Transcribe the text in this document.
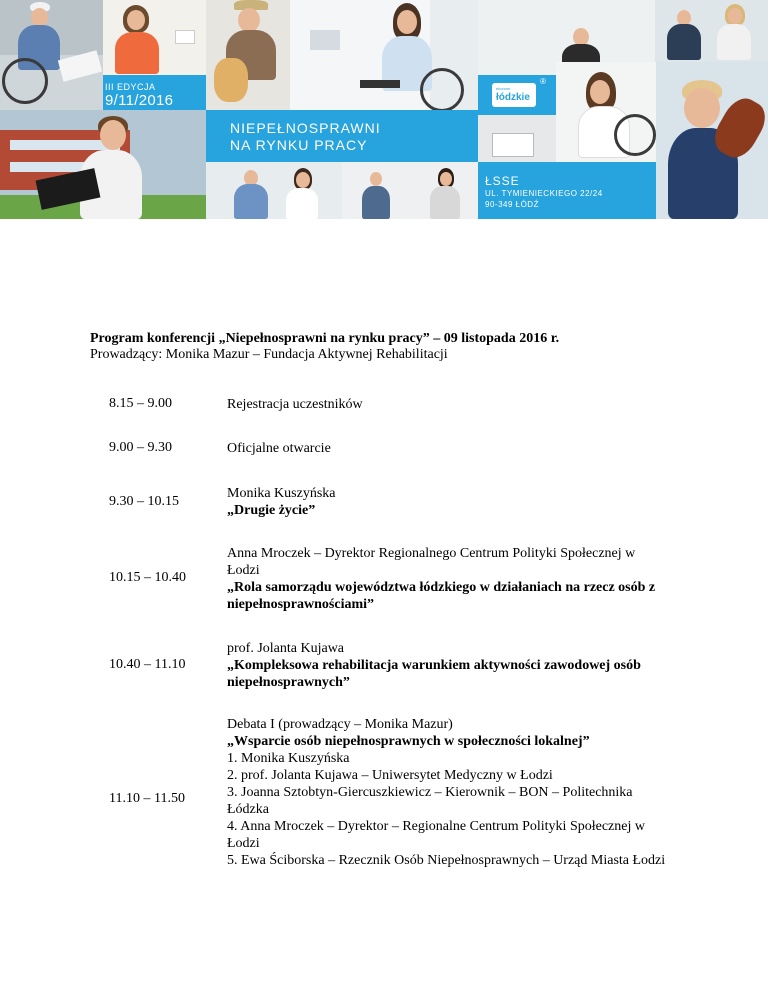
ekonom
łódzkie
®
III EDYCJA
9/11/2016
NIEPEŁNOSPRAWNI
NA RYNKU PRACY
ŁSSE
UL. TYMIENIECKIEGO 22/24
90-349 ŁÓDŹ
Program konferencji „Niepełnosprawni na rynku pracy” – 09 listopada 2016 r.
Prowadzący: Monika Mazur – Fundacja Aktywnej Rehabilitacji
8.15 – 9.00	Rejestracja uczestników
9.00 – 9.30	Oficjalne otwarcie
9.30 – 10.15
Monika Kuszyńska
„Drugie życie”
10.15 – 10.40
Anna Mroczek – Dyrektor Regionalnego Centrum Polityki Społecznej w Łodzi
„Rola samorządu województwa łódzkiego w działaniach na rzecz osób z niepełnosprawnościami”
10.40 – 11.10
prof. Jolanta Kujawa
„Kompleksowa rehabilitacja warunkiem aktywności zawodowej osób niepełnosprawnych”
11.10 – 11.50
Debata I (prowadzący – Monika Mazur)
„Wsparcie osób niepełnosprawnych w społeczności lokalnej”
1. Monika Kuszyńska
2. prof. Jolanta Kujawa – Uniwersytet Medyczny w Łodzi
3. Joanna Sztobtyn-Giercuszkiewicz – Kierownik – BON – Politechnika Łódzka
4. Anna Mroczek – Dyrektor – Regionalne Centrum Polityki Społecznej w Łodzi
5. Ewa Ściborska – Rzecznik Osób Niepełnosprawnych – Urząd Miasta Łodzi
